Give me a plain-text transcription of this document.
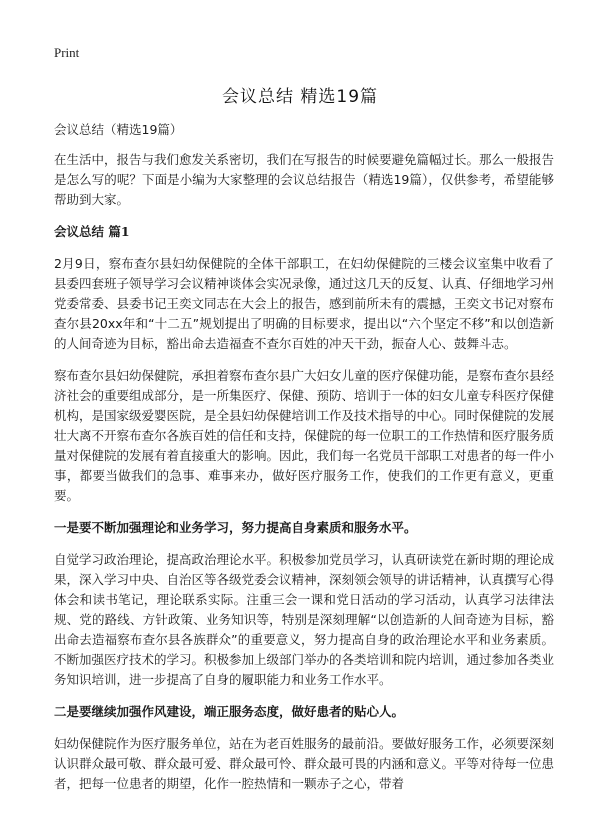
Print
会议总结 精选19篇

会议总结（精选19篇）

在生活中，报告与我们愈发关系密切，我们在写报告的时候要避免篇幅过长。那么一般报告是怎么写的呢？下面是小编为大家整理的会议总结报告（精选19篇），仅供参考，希望能够帮助到大家。

会议总结 篇1

2月9日，察布查尔县妇幼保健院的全体干部职工，在妇幼保健院的三楼会议室集中收看了县委四套班子领导学习会议精神谈体会实况录像，通过这几天的反复、认真、仔细地学习州党委常委、县委书记王奕文同志在大会上的报告，感到前所未有的震撼，王奕文书记对察布查尔县20xx年和“十二五”规划提出了明确的目标要求，提出以“六个坚定不移”和以创造新的人间奇迹为目标，豁出命去造福查不查尔百姓的冲天干劲，振奋人心、鼓舞斗志。

察布查尔县妇幼保健院，承担着察布查尔县广大妇女儿童的医疗保健功能，是察布查尔县经济社会的重要组成部分，是一所集医疗、保健、预防、培训于一体的妇女儿童专科医疗保健机构，是国家级爱婴医院，是全县妇幼保健培训工作及技术指导的中心。同时保健院的发展壮大离不开察布查尔各族百姓的信任和支持，保健院的每一位职工的工作热情和医疗服务质量对保健院的发展有着直接重大的影响。因此，我们每一名党员干部职工对患者的每一件小事，都要当做我们的急事、难事来办，做好医疗服务工作，使我们的工作更有意义，更重要。

一是要不断加强理论和业务学习，努力提高自身素质和服务水平。

自觉学习政治理论，提高政治理论水平。积极参加党员学习，认真研读党在新时期的理论成果，深入学习中央、自治区等各级党委会议精神，深刻领会领导的讲话精神，认真撰写心得体会和读书笔记，理论联系实际。注重三会一课和党日活动的学习活动，认真学习法律法规、党的路线、方针政策、业务知识等，特别是深刻理解“以创造新的人间奇迹为目标，豁出命去造福察布查尔县各族群众”的重要意义，努力提高自身的政治理论水平和业务素质。不断加强医疗技术的学习。积极参加上级部门举办的各类培训和院内培训，通过参加各类业务知识培训，进一步提高了自身的履职能力和业务工作水平。

二是要继续加强作风建设，端正服务态度，做好患者的贴心人。

妇幼保健院作为医疗服务单位，站在为老百姓服务的最前沿。要做好服务工作，必须要深刻认识群众最可敬、群众最可爱、群众最可怜、群众最可畏的内涵和意义。平等对待每一位患者，把每一位患者的期望，化作一腔热情和一颗赤子之心，带着
